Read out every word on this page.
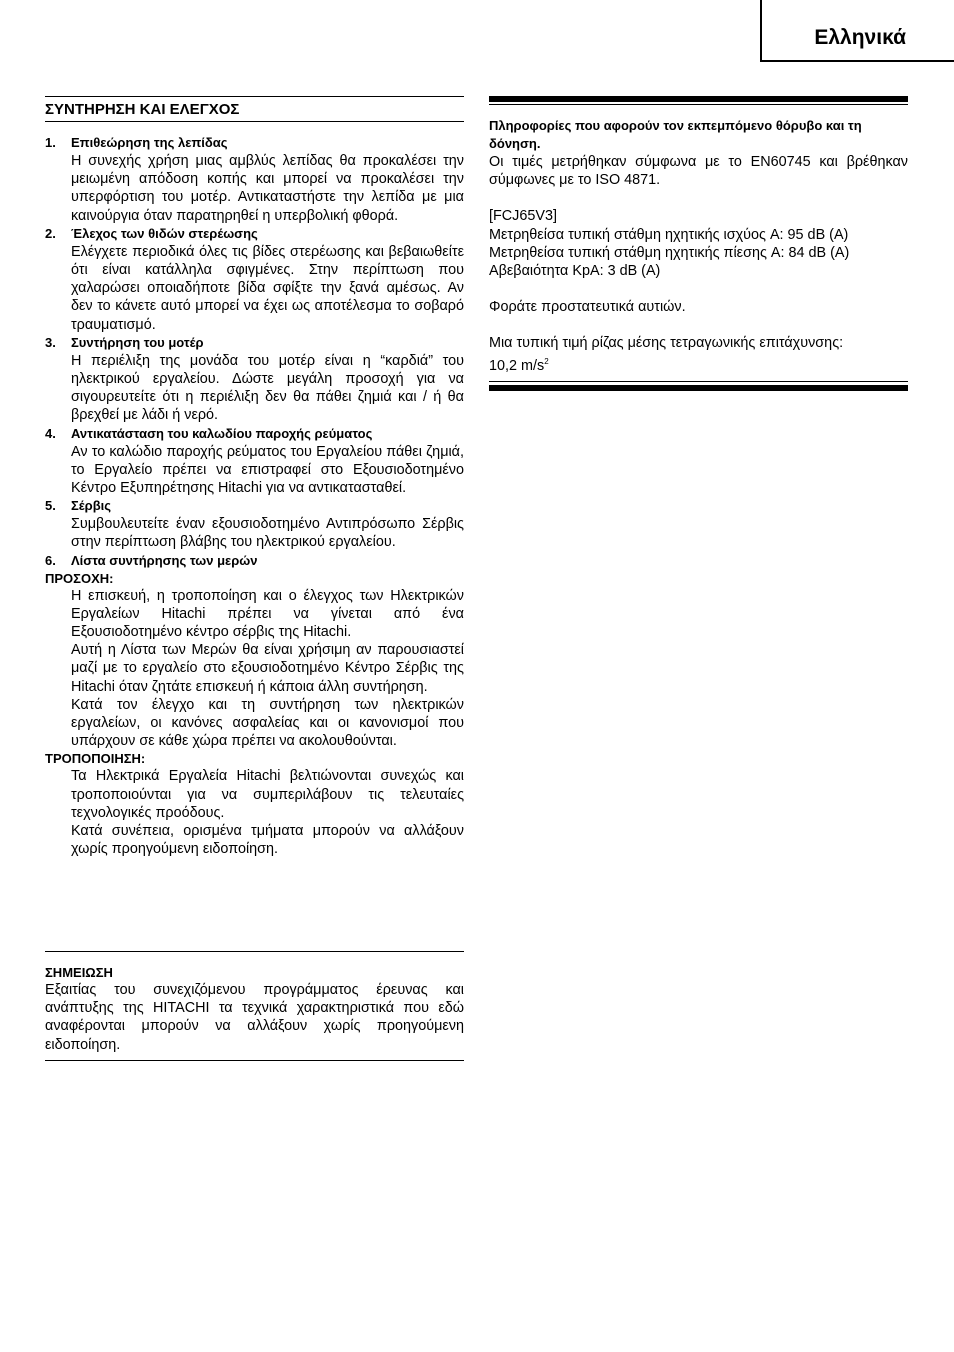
Ελληνικά
ΣΥΝΤΗΡΗΣΗ ΚΑΙ ΕΛΕΓΧΟΣ
1. Επιθεώρηση της λεπίδας
Η συνεχής χρήση μιας αμβλύς λεπίδας θα προκαλέσει την μειωμένη απόδοση κοπής και μπορεί να προκαλέσει την υπερφόρτιση του μοτέρ. Αντικαταστήστε την λεπίδα με μια καινούργια όταν παρατηρηθεί η υπερβολική φθορά.
2. Έλεχος των θιδών στερέωσης
Ελέγχετε περιοδικά όλες τις βίδες στερέωσης και βεβαιωθείτε ότι είναι κατάλληλα σφιγμένες. Στην περίπτωση που χαλαρώσει οποιαδήποτε βίδα σφίξτε την ξανά αμέσως. Αν δεν το κάνετε αυτό μπορεί να έχει ως αποτέλεσμα το σοβαρό τραυματισμό.
3. Συντήρηση του μοτέρ
Η περιέλιξη της μονάδα του μοτέρ είναι η “καρδιά” του ηλεκτρικού εργαλείου. Δώστε μεγάλη προσοχή για να σιγουρευτείτε ότι η περιέλιξη δεν θα πάθει ζημιά και / ή θα βρεχθεί με λάδι ή νερό.
4. Αντικατάσταση του καλωδίου παροχής ρεύματος
Αν το καλώδιο παροχής ρεύματος του Εργαλείου πάθει ζημιά, το Εργαλείο πρέπει να επιστραφεί στο Εξουσιοδοτημένο Κέντρο Εξυπηρέτησης Hitachi για να αντικατασταθεί.
5. Σέρβις
Συμβουλευτείτε έναν εξουσιοδοτημένο Αντιπρόσωπο Σέρβις στην περίπτωση βλάβης του ηλεκτρικού εργαλείου.
6. Λίστα συντήρησης των μερών
ΠΡΟΣΟΧΗ:
Η επισκευή, η τροποποίηση και ο έλεγχος των Ηλεκτρικών Εργαλείων Hitachi πρέπει να γίνεται από ένα Εξουσιοδοτημένο κέντρο σέρβις της Hitachi.
Αυτή η Λίστα των Μερών θα είναι χρήσιμη αν παρουσιαστεί μαζί με το εργαλείο στο εξουσιοδοτημένο Κέντρο Σέρβις της Hitachi όταν ζητάτε επισκευή ή κάποια άλλη συντήρηση.
Κατά τον έλεγχο και τη συντήρηση των ηλεκτρικών εργαλείων, οι κανόνες ασφαλείας και οι κανονισμοί που υπάρχουν σε κάθε χώρα πρέπει να ακολουθούνται.
ΤΡΟΠΟΠΟΙΗΣΗ:
Τα Ηλεκτρικά Εργαλεία Hitachi βελτιώνονται συνεχώς και τροποποιούνται για να συμπεριλάβουν τις τελευταίες τεχνολογικές προόδους.
Κατά συνέπεια, ορισμένα τμήματα μπορούν να αλλάξουν χωρίς προηγούμενη ειδοποίηση.
ΣΗΜΕΙΩΣΗ
Εξαιτίας του συνεχιζόμενου προγράμματος έρευνας και ανάπτυξης της HITACHI τα τεχνικά χαρακτηριστικά που εδώ αναφέρονται μπορούν να αλλάξουν χωρίς προηγούμενη ειδοποίηση.
Πληροφορίες που αφορούν τον εκπεμπόμενο θόρυβο και τη δόνηση.
Οι τιμές μετρήθηκαν σύμφωνα με το EN60745 και βρέθηκαν σύμφωνες με το ISO 4871.
[FCJ65V3]
Μετρηθείσα τυπική στάθμη ηχητικής ισχύος A: 95 dB (A)
Μετρηθείσα τυπική στάθμη ηχητικής πίεσης A: 84 dB (A)
Αβεβαιότητα KpA: 3 dB (A)
Φοράτε προστατευτικά αυτιών.
Μια τυπική τιμή ρίζας μέσης τετραγωνικής επιτάχυνσης:
10,2 $m/s^2$
